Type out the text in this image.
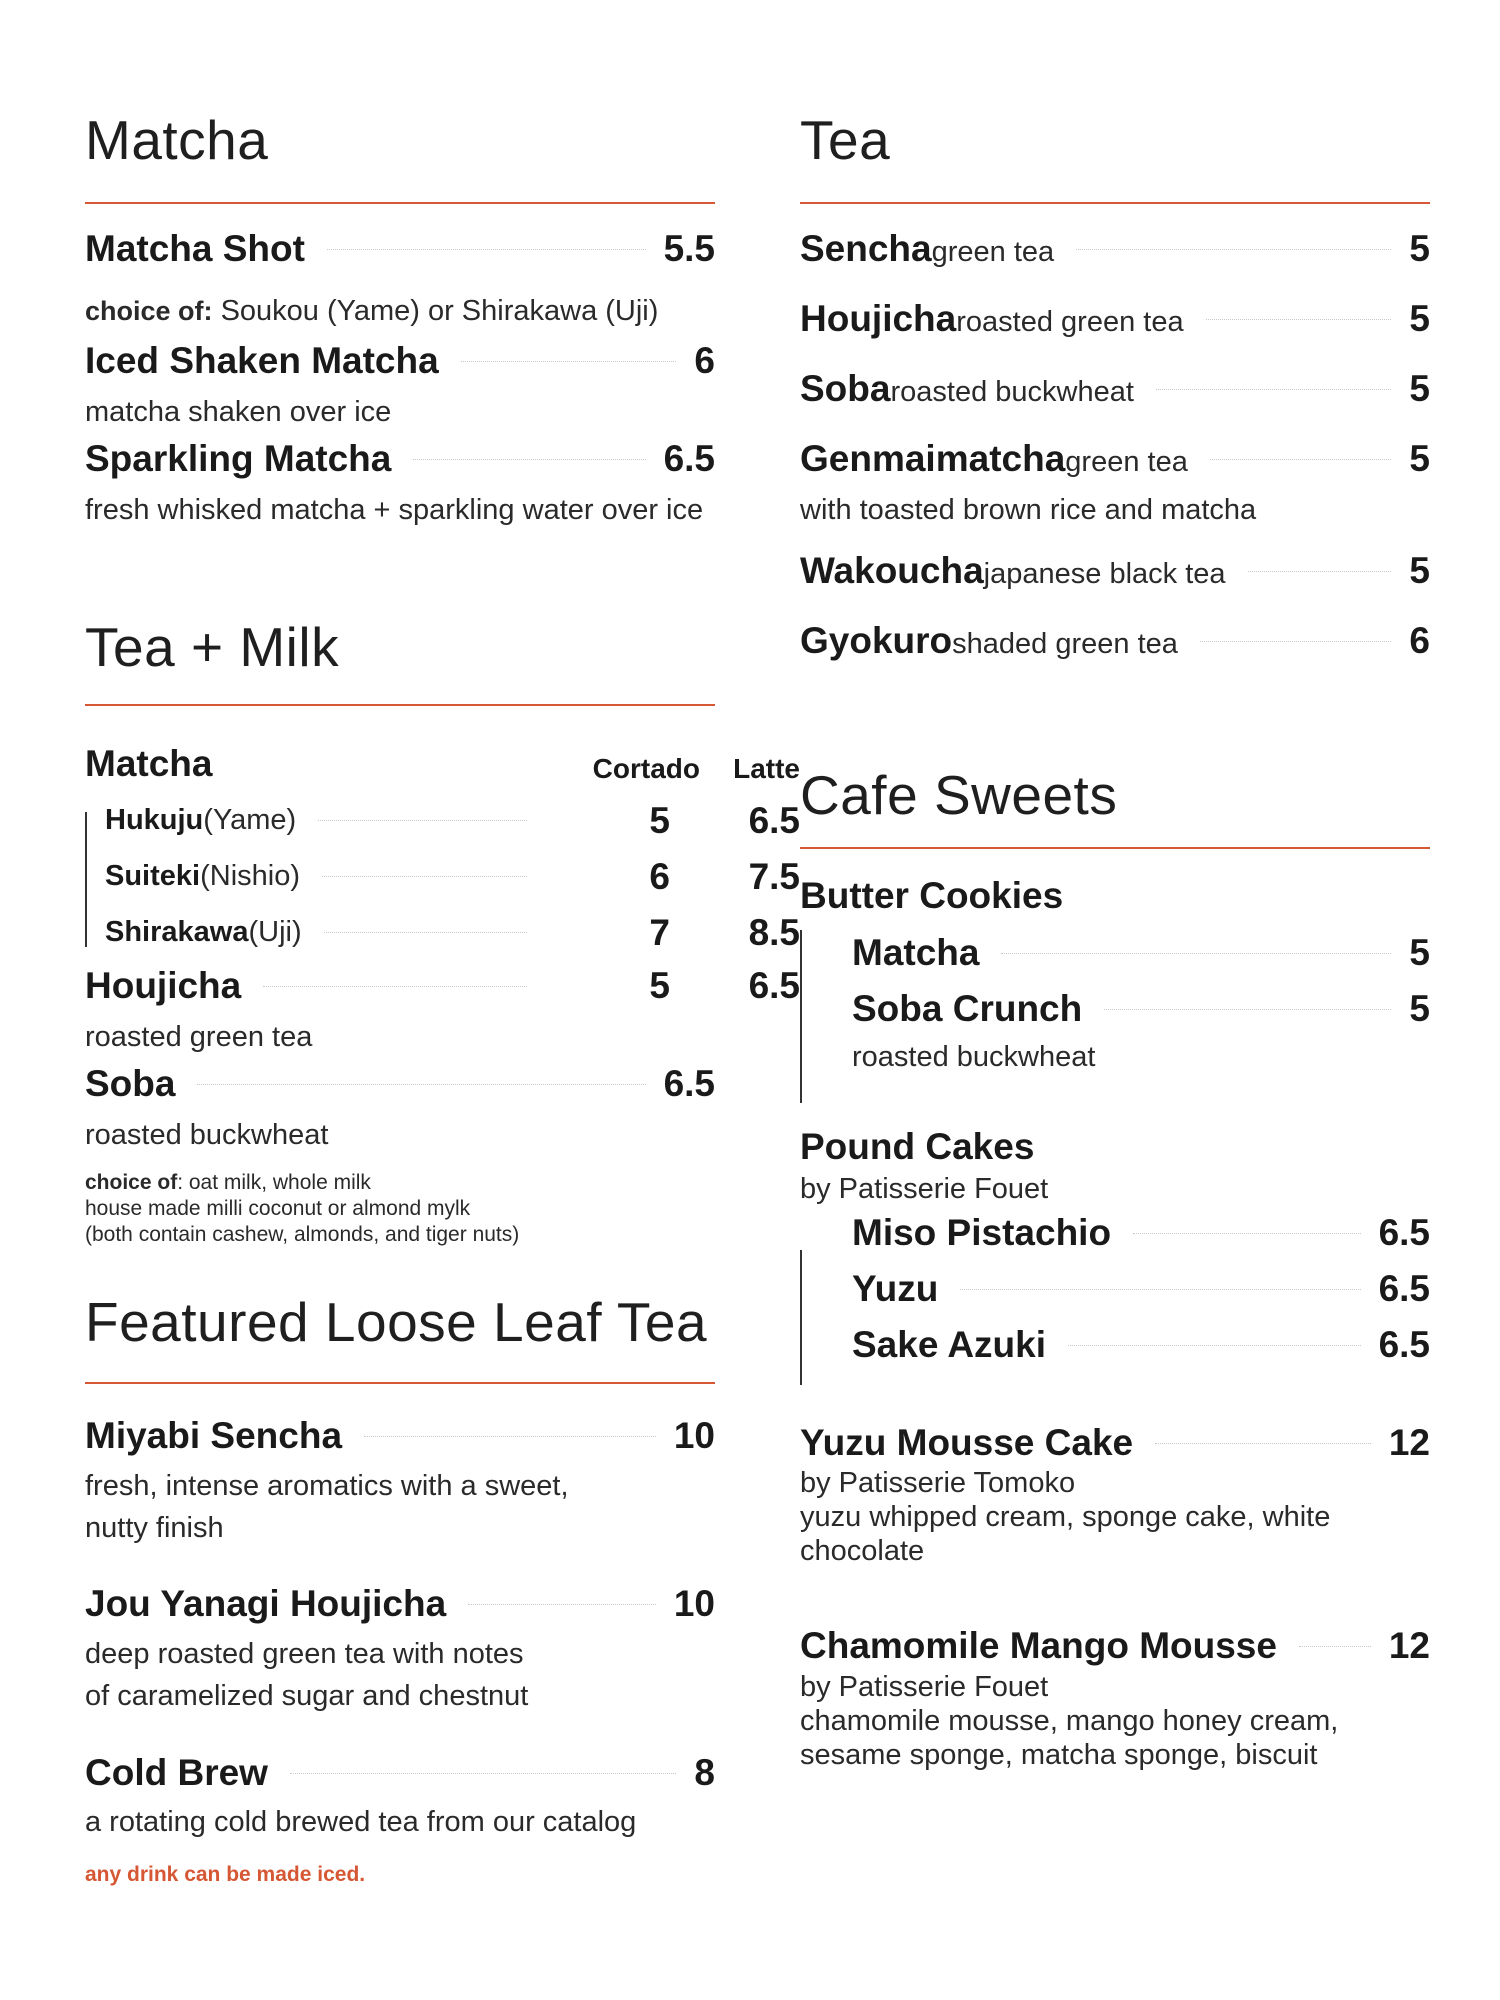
Matcha
Matcha Shot	5.5
choice of: Soukou (Yame) or Shirakawa (Uji)
Iced Shaken Matcha	6
matcha shaken over ice
Sparkling Matcha	6.5
fresh whisked matcha + sparkling water over ice
Tea + Milk
Matcha	Cortado	Latte
Hukuju (Yame)	5	6.5
Suiteki (Nishio)	6	7.5
Shirakawa (Uji)	7	8.5
Houjicha	5	6.5
roasted green tea
Soba	6.5
roasted buckwheat
choice of: oat milk, whole milk
house made milli coconut or almond mylk
(both contain cashew, almonds, and tiger nuts)
Featured Loose Leaf Tea
Miyabi Sencha	10
fresh, intense aromatics with a sweet,
nutty finish
Jou Yanagi Houjicha	10
deep roasted green tea with notes
of caramelized sugar and chestnut
Cold Brew	8
a rotating cold brewed tea from our catalog
any drink can be made iced.
Tea
Sencha green tea	5
Houjicha roasted green tea	5
Soba roasted buckwheat	5
Genmaimatcha green tea	5
with toasted brown rice and matcha
Wakoucha japanese black tea	5
Gyokuro shaded green tea	6
Cafe Sweets
Butter Cookies
Matcha	5
Soba Crunch	5
roasted buckwheat
Pound Cakes
by Patisserie Fouet
Miso Pistachio	6.5
Yuzu	6.5
Sake Azuki	6.5
Yuzu Mousse Cake	12
by Patisserie Tomoko
yuzu whipped cream, sponge cake, white
chocolate
Chamomile Mango Mousse	12
by Patisserie Fouet
chamomile mousse, mango honey cream,
sesame sponge, matcha sponge, biscuit
